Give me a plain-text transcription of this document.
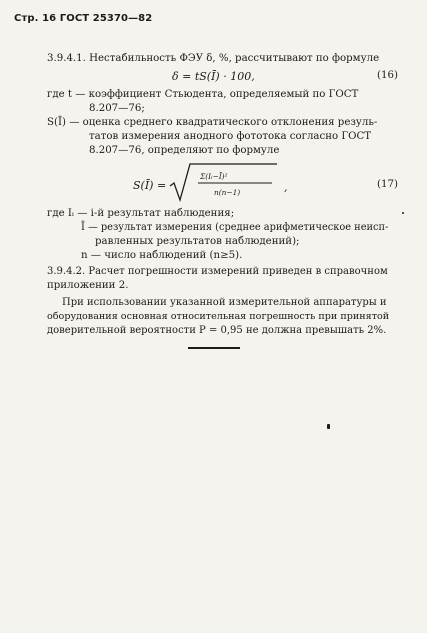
Стр. 16 ГОСТ 25370—82
3.9.4.1. Нестабильность ФЭУ δ, %, рассчитывают по формуле
δ = tS(Ī) · 100,	(16)
где t — коэффициент Стьюдента, определяемый по ГОСТ
8.207—76;
S(Ī) — оценка среднего квадратического отклонения резуль-
татов измерения анодного фототока согласно ГОСТ
8.207—76, определяют по формуле
S(Ī) =
Σ(Iᵢ−Ī)²
n(n−1)	,	(17)
где Iᵢ — i-й результат наблюдения;
Ī — результат измерения (среднее арифметическое неисп-
равленных результатов наблюдений);
n — число наблюдений (n≥5).
3.9.4.2. Расчет погрешности измерений приведен в справочном
приложении 2.
При использовании указанной измерительной аппаратуры и
оборудования основная относительная погрешность при принятой
доверительной вероятности P = 0,95 не должна превышать 2%.
